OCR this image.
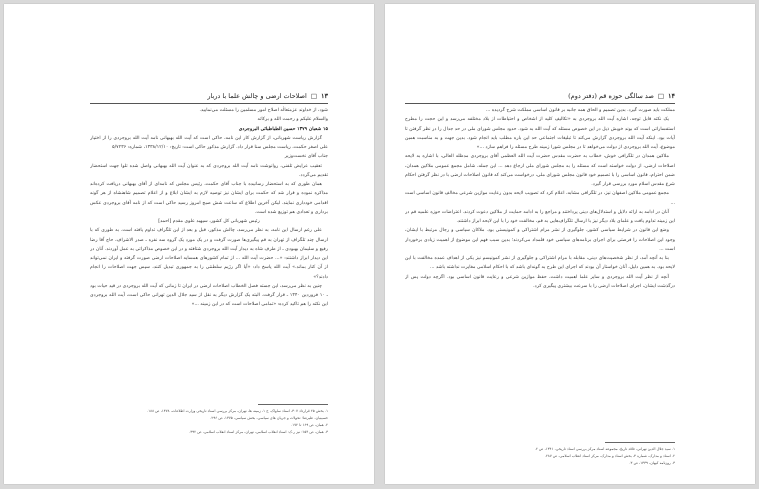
۱۳
□
اصلاحات ارضی و چالش علما با دربار

شود، از خداوند عزمتعالٰه اصلاح امور مسلمین را مسئلت می‌نمایید.

والسلام علیکم و رحمت الله و برکاته

۱۵ شعبان ۱۳۷۹ حسین الطباطبائی البروجردی

گزارش ریاست شهربانی، از گزارش کار این نامه، حاکی است که آیت الله بهبهانی نامه آیت الله بروجردی را از اختیار علی اصغر حکمت، ریاست مجلس سنا قرار داد. گزارش مذکور حاکی است: تاریخ: ۱۳۳۸/۱۲/۱۰، شماره: ۵/۷۲۳۶

جناب آقای نخست‌وزیر

تعقیب عرایض تلفنی، روانوشت نامه آیت الله بروجردی که به عنوان آیت الله بهبهانی واصل شده تلوا جهت استحضار تقدیم می‌گردد.

همان طوری که به استحضار رسانیده با جناب آقای حکمت، رئیس مجلس که نامه‌ای از آقای بهبهانی دریافت کرده‌اند مذاکره نموده و قرار شد که حکمت برای ایشان نیز توصیه لازم به ایشان ابلاغ و از اعلام تصمیم شاهنشاه از هر گونه اقدامی خودداری نمایند. لیکن آخرین اطلاع که ساعت شش صبح امروز رسید حاکی است که از نامه آقای بروجردی عکس برداری و تعدادی هم توزیع شده است.

رئیس شهربانی کل کشور، سپهبد علوی مقدم [احمد]

علی رغم ارسال این نامه، به نظر می‌رسد، چالش مذکور، قبل و بعد از این تلگراف تداوم یافته است. به طوری که با ارسال چند تلگراف از تهران به قم پیگیری‌ها صورت گرفت و در یک مورد یک گروه سه نفره ـ صدر الاشراف، حاج آقا رضا رفیع و سلیمان بهبودی ـ از طرف شاه به دیدار آیت الله بروجردی شتافته و در این خصوص مذاکراتی به عمل آوردند. آنان در این دیدار ابراز داشتند: «... حضرت آیت الله ... از تمام کشورهای همسایه اصلاحات ارضی صورت گرفته و ایران نمی‌تواند از آن کنار بماند.» آیت الله پاسخ داد: «آیا اگر رژیم سلطنتی را به جمهوری تبدیل کنند، سپس جهت اصلاحات را انجام دادند؟»

چنین به نظر می‌رسد، این جسته فصل الخطاب اصلاحات ارضی در ایران تا زمانی که آیت الله بروجردی در قید حیات بود ـ ۱۰ فروردین ۱۳۴۰ ـ قرار گرفت. البته یک گزارش دیگر به نقل از سید جلال الدین تهرانی حاکی است، آیت الله بروجردی این نکته را هم تاکید کرده: «تمامی اصلاحات است که در این زمینه ...»

۱. بخش ۲۵ قرارداد ۳۰۷، اسناد ساواک، ج ۱، زمینه ها، تهران، مرکز بررسی اسناد تاریخی وزارت اطلاعات، ۱۳۷۸، ص ۱۸۸.

حسینیان، علیرضا؛ تحولات و جریان های سیاسی، بخش سیاسی، ۱۳۷۵، ص ۲۹۶.

۲. همان، ص ۱۶۹ تا ۱۷۲.

۳. همان، ص ۱۵۴؛ نیز ر.ک: اسناد انقلاب اسلامی، تهران، مرکز اسناد انقلاب اسلامی، ص ۳۹۲.

۱۴
□
صد سالگی حوزه قم (دفتر دوم)

مملکت باید صورت گیرد. بدین تصمیم و الحاق همه جانبه بر قانون اساسی مملکت شرح گردیده ...

یک نکته قابل توجه، اشاره آیت الله بروجردی به «تکالیف کلیه از اشخاص و احتیاطات از بلاد مختلفه می‌رسد و این حجت را مطرح استفساراتی است که بوند خویش ذیل در این خصوص مسئله که آیت الله به شود. حدود مجلس شورای ملی در حد جدال را در نظر گرفتن تا آیات بود. اینکه آیت الله بروجردی گزارش می‌کند تا تبلیغات اجتماعی حد این باره مطلب باید انجام شود. بدین جهت و به مناسبت همین موضوع، آیت الله بروجردی از دولت می‌خواهد تا در مجلس شورا زمینه طرح مسئله را فراهم سازد ...»

ملاکین همدان در تلگرافی خوش، خطاب به حضرت مقدس حضرت آیت الله العظمی آقای بروجردی مدظله العالی، با اشاره به لایحه اصلاحات ارضی، از دولت خواسته است که مسئله را به مجلس شورای ملی ارجاع دهد ... این جمله، شامل مجمع عمومی ملاکین همدان، ضمن احترام، قانون اساسی را با تصمیم خود قانون مجلس شورای ملی، درخواست می‌کند که قانون اصلاحات ارضی با در نظر گرفتن احکام شرع مقدس اسلام مورد بررسی قرار گیرد.

مجمع عمومی ملاکین اصفهان نیز، در تلگرافی مشابه، اعلام کرد که تصویب لایحه بدون رعایت موازین شرعی مخالف قانون اساسی است ...

آنان در ادامه به ارائه دلایل و استدلال‌های دینی پرداختند و مراجع را به ادامه حمایت از ملاکین دعوت کردند. اعتراضات حوزه علمیه قم در این زمینه تداوم یافت و علمای بلاد دیگر نیز با ارسال تلگراف‌هایی به قم، مخالفت خود را با این لایحه ابراز داشتند.

وضع این قانون در شرایط سیاسی کشور، جلوگیری از نشر مرام اشتراکی و کمونیستی بود. ملاکان سیاسی و رجال مرتبط با ایشان، وجود این اصلاحات را فرصتی برای اجرای برنامه‌های سیاسی خود قلمداد می‌کردند؛ بدین سبب فهم این موضوع از اهمیت زیادی برخوردار است ...

بنا به آنچه آمد، از نظر شخصیت‌های دینی، مقابله با مرام اشتراکی و جلوگیری از نشر کمونیسم نیز یکی از اهداف عمده مخالفت با این لایحه بود. به همین دلیل، آنان خواستار آن بودند که اجرای این طرح به گونه‌ای باشد که با احکام اسلامی مغایرت نداشته باشد ...

آنچه از نظر آیت الله بروجردی و سایر علما اهمیت داشت، حفظ موازین شرعی و رعایت قانون اساسی بود. اگرچه دولت پس از درگذشت ایشان، اجرای اصلاحات ارضی را با سرعت بیشتری پیگیری کرد.

۱. سید جلال الدین تهرانی، فاقد تاریخ، مجموعه اسناد مرکز بررسی اسناد تاریخی، ۱۳۴۱، ص ۲.

۲. اسناد و مدارک، شماره ۳، بخش اسناد و مدارک، مرکز اسناد انقلاب اسلامی، ص ۲۸۷.

۳. روزنامه کیهان، ۱۳۳۹، ص ۳.
